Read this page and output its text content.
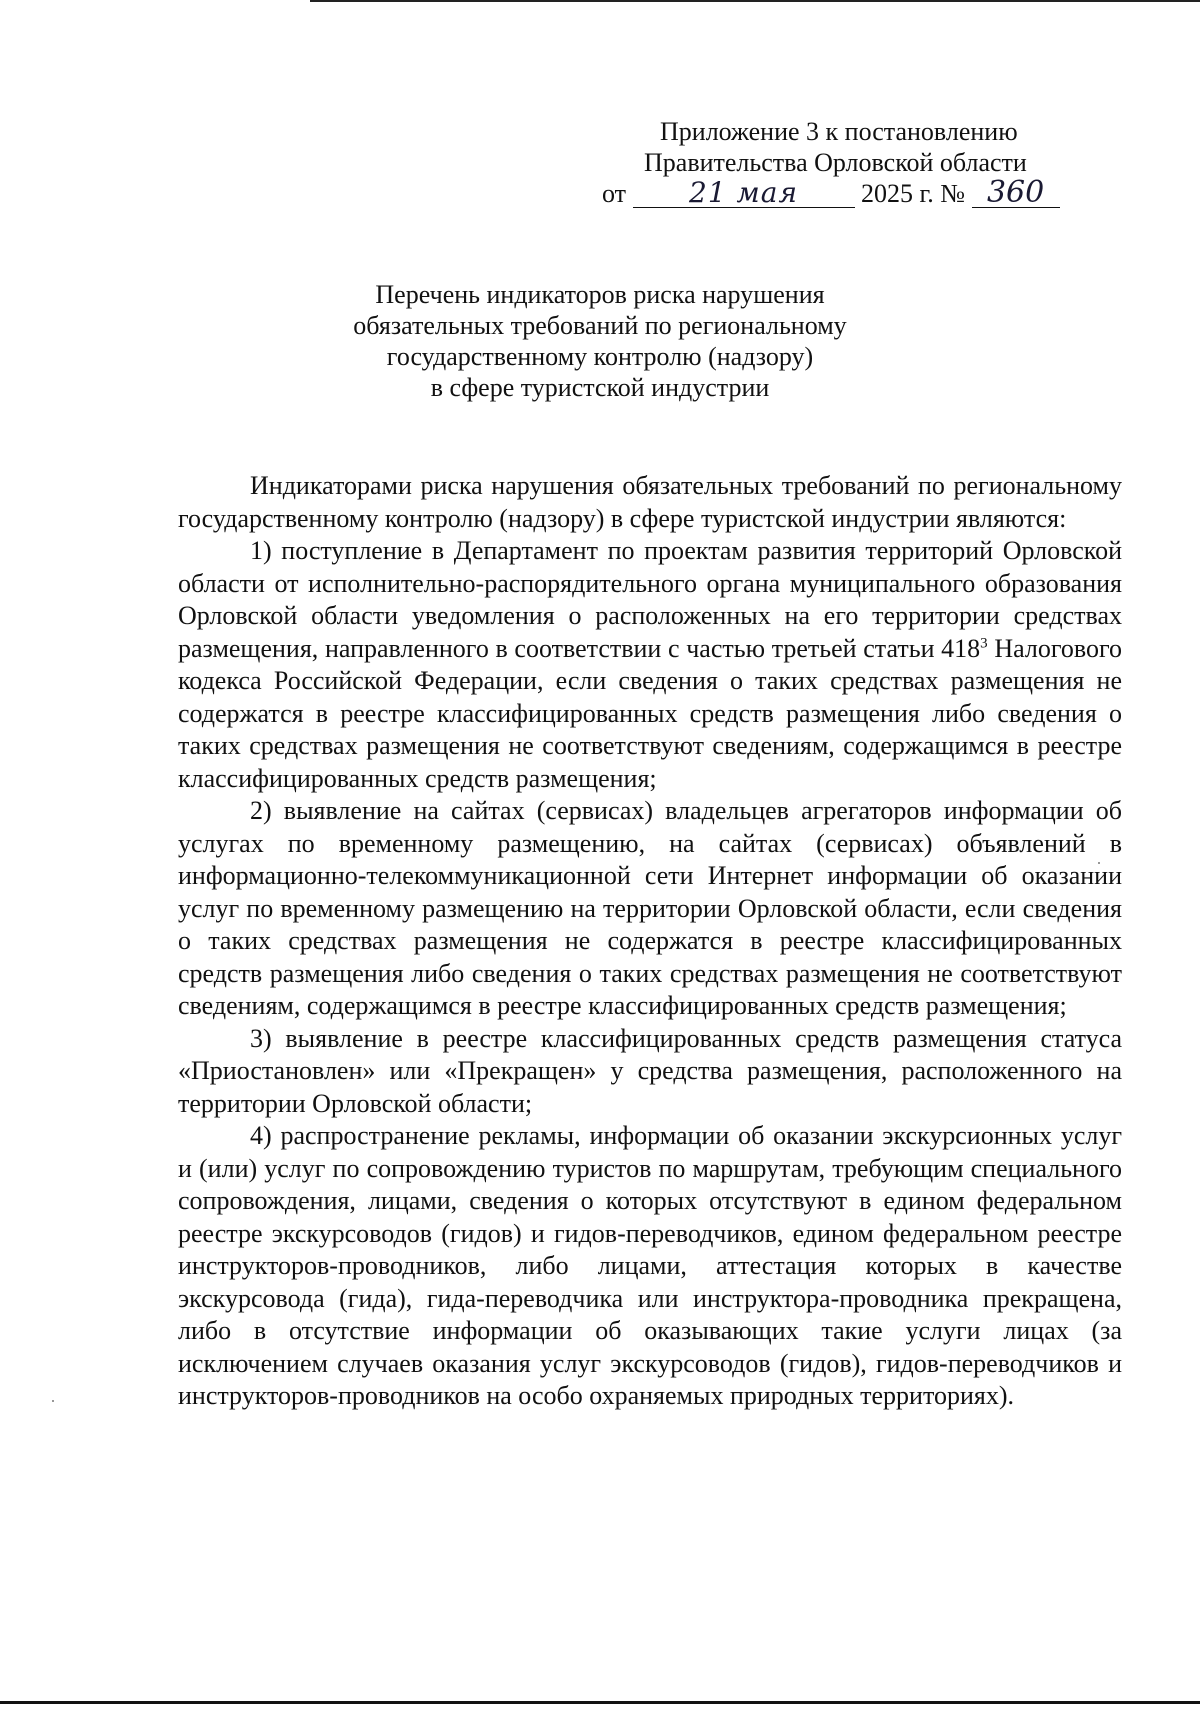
Приложение 3 к постановлению
Правительства Орловской области
от 21 мая 2025 г. № 360
Перечень индикаторов риска нарушения
обязательных требований по региональному
государственному контролю (надзору)
в сфере туристской индустрии

Индикаторами риска нарушения обязательных требований по региональному государственному контролю (надзору) в сфере туристской индустрии являются:

1) поступление в Департамент по проектам развития территорий Орловской области от исполнительно-распорядительного органа муниципального образования Орловской области уведомления о расположенных на его территории средствах размещения, направленного в соответствии с частью третьей статьи $418^3$ Налогового кодекса Российской Федерации, если сведения о таких средствах размещения не содержатся в реестре классифицированных средств размещения либо сведения о таких средствах размещения не соответствуют сведениям, содержащимся в реестре классифицированных средств размещения;

2) выявление на сайтах (сервисах) владельцев агрегаторов информации об услугах по временному размещению, на сайтах (сервисах) объявлений в информационно-телекоммуникационной сети Интернет информации об оказании услуг по временному размещению на территории Орловской области, если сведения о таких средствах размещения не содержатся в реестре классифицированных средств размещения либо сведения о таких средствах размещения не соответствуют сведениям, содержащимся в реестре классифицированных средств размещения;

3) выявление в реестре классифицированных средств размещения статуса «Приостановлен» или «Прекращен» у средства размещения, расположенного на территории Орловской области;

4) распространение рекламы, информации об оказании экскурсионных услуг и (или) услуг по сопровождению туристов по маршрутам, требующим специального сопровождения, лицами, сведения о которых отсутствуют в едином федеральном реестре экскурсоводов (гидов) и гидов-переводчиков, едином федеральном реестре инструкторов-проводников, либо лицами, аттестация которых в качестве экскурсовода (гида), гида-переводчика или инструктора-проводника прекращена, либо в отсутствие информации об оказывающих такие услуги лицах (за исключением случаев оказания услуг экскурсоводов (гидов), гидов-переводчиков и инструкторов-проводников на особо охраняемых природных территориях).
